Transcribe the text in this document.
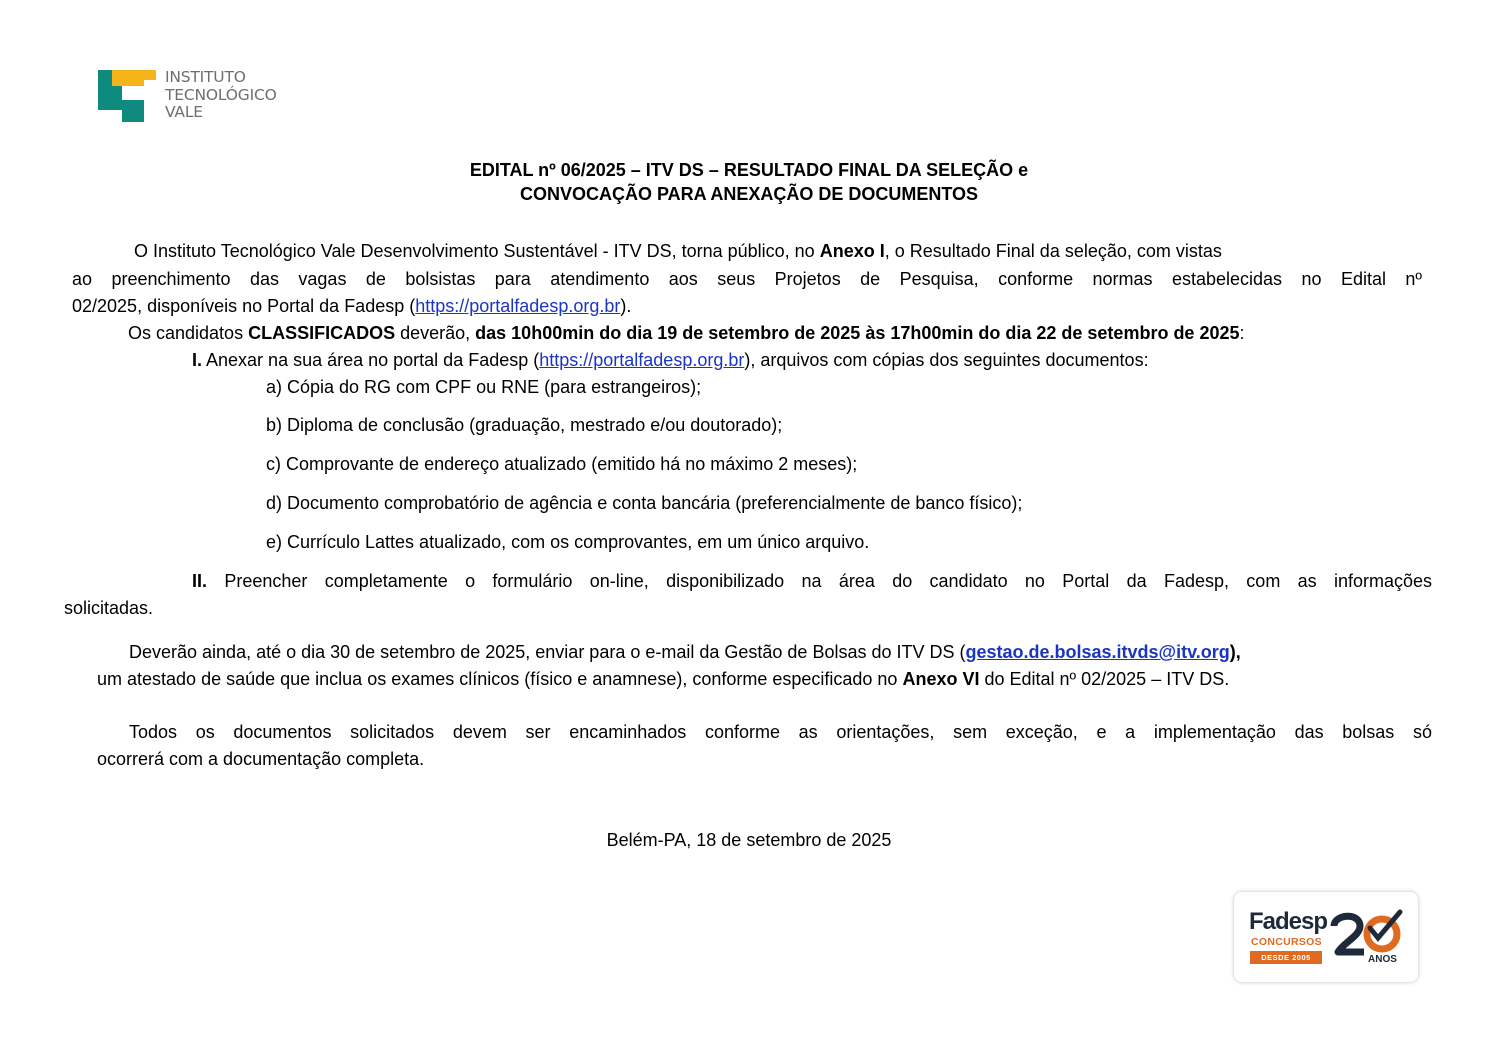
INSTITUTO
TECNOLÓGICO
VALE
EDITAL nº 06/2025 – ITV DS – RESULTADO FINAL DA SELEÇÃO e
CONVOCAÇÃO PARA ANEXAÇÃO DE DOCUMENTOS
O Instituto Tecnológico Vale Desenvolvimento Sustentável - ITV DS, torna público, no Anexo I, o Resultado Final da seleção, com vistas
ao preenchimento das vagas de bolsistas para atendimento aos seus Projetos de Pesquisa, conforme normas estabelecidas no Edital nº
02/2025, disponíveis no Portal da Fadesp (https://portalfadesp.org.br).
Os candidatos CLASSIFICADOS deverão, das 10h00min do dia 19 de setembro de 2025 às 17h00min do dia 22 de setembro de 2025:
I. Anexar na sua área no portal da Fadesp (https://portalfadesp.org.br), arquivos com cópias dos seguintes documentos:
a) Cópia do RG com CPF ou RNE (para estrangeiros);
b) Diploma de conclusão (graduação, mestrado e/ou doutorado);
c) Comprovante de endereço atualizado (emitido há no máximo 2 meses);
d) Documento comprobatório de agência e conta bancária (preferencialmente de banco físico);
e) Currículo Lattes atualizado, com os comprovantes, em um único arquivo.
II. Preencher completamente o formulário on-line, disponibilizado na área do candidato no Portal da Fadesp, com as informações
solicitadas.
Deverão ainda, até o dia 30 de setembro de 2025, enviar para o e-mail da Gestão de Bolsas do ITV DS (gestao.de.bolsas.itvds@itv.org),
um atestado de saúde que inclua os exames clínicos (físico e anamnese), conforme especificado no Anexo VI do Edital nº 02/2025 – ITV DS.
Todos os documentos solicitados devem ser encaminhados conforme as orientações, sem exceção, e a implementação das bolsas só
ocorrerá com a documentação completa.
Belém-PA, 18 de setembro de 2025
Fadesp
CONCURSOS
DESDE 2005	ANOS
